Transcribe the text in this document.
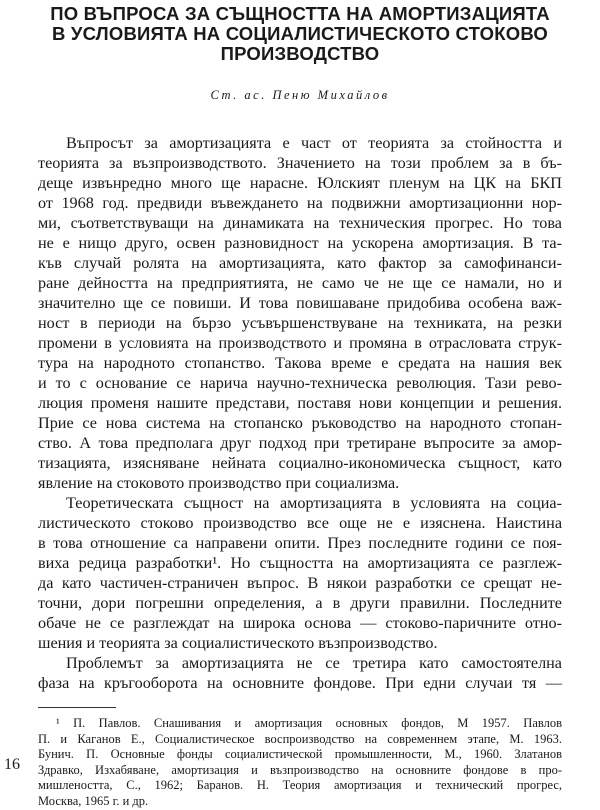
ПО ВЪПРОСА ЗА СЪЩНОСТТА НА АМОРТИЗАЦИЯТА
В УСЛОВИЯТА НА СОЦИАЛИСТИЧЕСКОТО СТОКОВО
ПРОИЗВОДСТВО
Ст. ас. Пеню Михайлов

Въпросът за амортизацията е част от теорията за стойността и
теорията за възпроизводството. Значението на този проблем за в бъ-
деще извънредно много ще нарасне. Юлският пленум на ЦК на БКП
от 1968 год. предвиди въвеждането на подвижни амортизационни нор-
ми, съответствуващи на динамиката на техническия прогрес. Но това
не е нищо друго, освен разновидност на ускорена амортизация. В та-
къв случай ролята на амортизацията, като фактор за самофинанси-
ране дейността на предприятията, не само че не ще се намали, но и
значително ще се повиши. И това повишаване придобива особена важ-
ност в периоди на бързо усъвършенствуване на техниката, на резки
промени в условията на производството и промяна в отрасловата струк-
тура на народното стопанство. Такова време е средата на нашия век
и то с основание се нарича научно-техническа революция. Тази рево-
люция променя нашите представи, поставя нови концепции и решения.
Прие се нова система на стопанско ръководство на народното стопан-
ство. А това предполага друг подход при третиране въпросите за амор-
тизацията, изясняване нейната социално-икономическа същност, като
явление на стоковото производство при социализма.

Теоретическата същност на амортизацията в условията на социа-
листическото стоково производство все още не е изяснена. Наистина
в това отношение са направени опити. През последните години се поя-
виха редица разработки¹. Но същността на амортизацията се разглеж-
да като частичен-страничен въпрос. В някои разработки се срещат не-
точни, дори погрешни определения, а в други правилни. Последните
обаче не се разглеждат на широка основа — стоково-паричните отно-
шения и теорията за социалистическото възпроизводство.

Проблемът за амортизацията не се третира като самостоятелна
фаза на кръгооборота на основните фондове. При едни случаи тя —

¹ П. Павлов. Снашивания и амортизация основных фондов, М 1957. Павлов
П. и Каганов Е., Социалистическое воспроизводство на современнем этапе, М. 1963.
Бунич. П. Основные фонды социалистической промышленности, М., 1960. Златанов
Здравко, Изхабяване, амортизация и възпроизводство на основните фондове в про-
мишлеността, С., 1962; Баранов. Н. Теория амортизация и технический прогрес,
Москва, 1965 г. и др.
16
